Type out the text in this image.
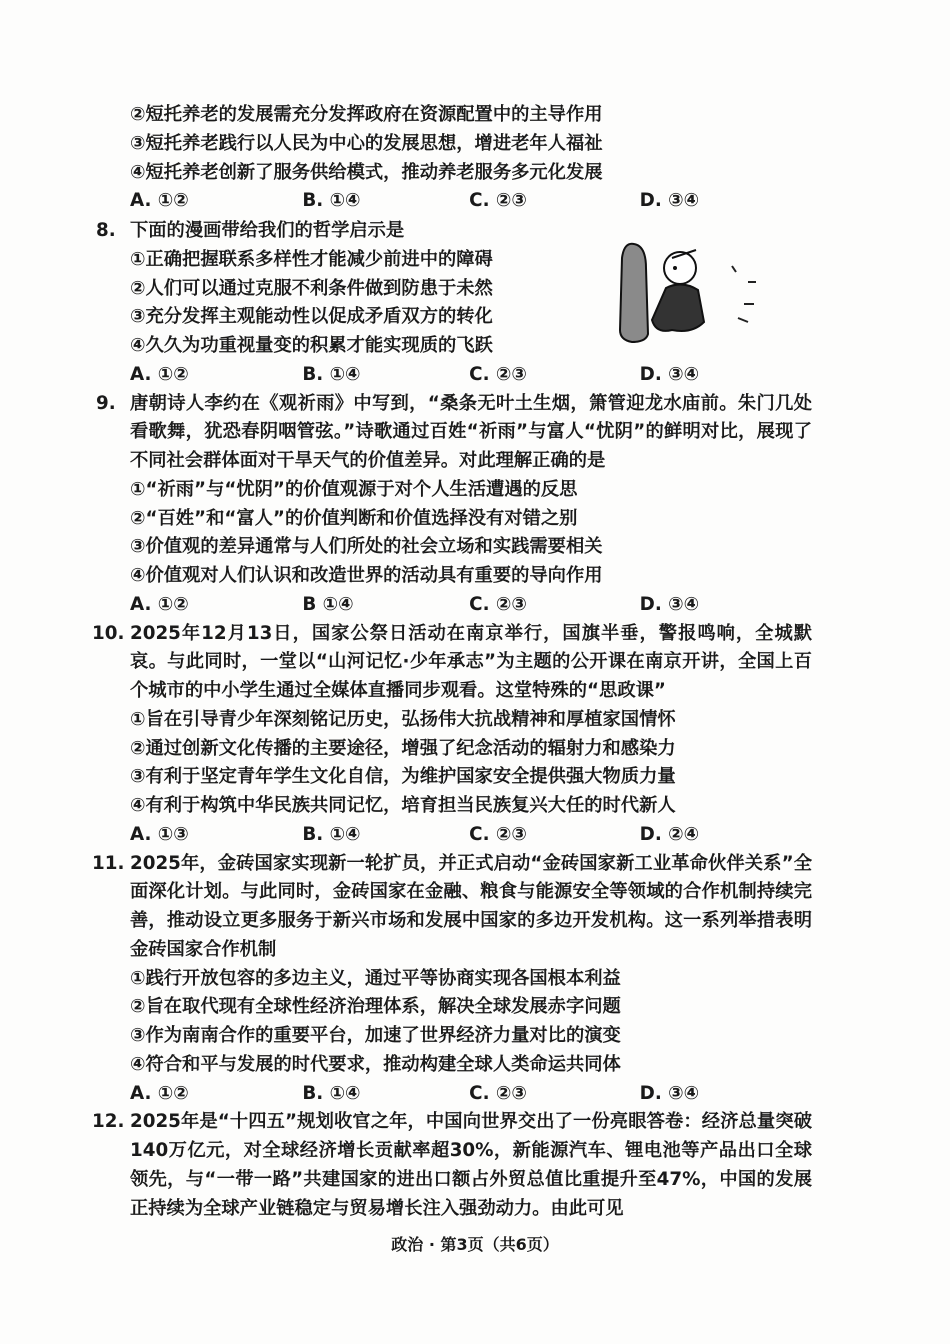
②短托养老的发展需充分发挥政府在资源配置中的主导作用
③短托养老践行以人民为中心的发展思想，增进老年人福祉
④短托养老创新了服务供给模式，推动养老服务多元化发展
A. ①②	B. ①④	C. ②③	D. ③④
8. 下面的漫画带给我们的哲学启示是
①正确把握联系多样性才能减少前进中的障碍
②人们可以通过克服不利条件做到防患于未然
③充分发挥主观能动性以促成矛盾双方的转化
④久久为功重视量变的积累才能实现质的飞跃
A. ①②	B. ①④	C. ②③	D. ③④
9. 唐朝诗人李约在《观祈雨》中写到，“桑条无叶土生烟，箫管迎龙水庙前。朱门几处看歌舞，犹恐春阴咽管弦。”诗歌通过百姓“祈雨”与富人“忧阴”的鲜明对比，展现了不同社会群体面对干旱天气的价值差异。对此理解正确的是
①“祈雨”与“忧阴”的价值观源于对个人生活遭遇的反思
②“百姓”和“富人”的价值判断和价值选择没有对错之别
③价值观的差异通常与人们所处的社会立场和实践需要相关
④价值观对人们认识和改造世界的活动具有重要的导向作用
A. ①②	B ①④	C. ②③	D. ③④
10. 2025年12月13日，国家公祭日活动在南京举行，国旗半垂，警报鸣响，全城默哀。与此同时，一堂以“山河记忆·少年承志”为主题的公开课在南京开讲，全国上百个城市的中小学生通过全媒体直播同步观看。这堂特殊的“思政课”
①旨在引导青少年深刻铭记历史，弘扬伟大抗战精神和厚植家国情怀
②通过创新文化传播的主要途径，增强了纪念活动的辐射力和感染力
③有利于坚定青年学生文化自信，为维护国家安全提供强大物质力量
④有利于构筑中华民族共同记忆，培育担当民族复兴大任的时代新人
A. ①③	B. ①④	C. ②③	D. ②④
11. 2025年，金砖国家实现新一轮扩员，并正式启动“金砖国家新工业革命伙伴关系”全面深化计划。与此同时，金砖国家在金融、粮食与能源安全等领域的合作机制持续完善，推动设立更多服务于新兴市场和发展中国家的多边开发机构。这一系列举措表明金砖国家合作机制
①践行开放包容的多边主义，通过平等协商实现各国根本利益
②旨在取代现有全球性经济治理体系，解决全球发展赤字问题
③作为南南合作的重要平台，加速了世界经济力量对比的演变
④符合和平与发展的时代要求，推动构建全球人类命运共同体
A. ①②	B. ①④	C. ②③	D. ③④
12. 2025年是“十四五”规划收官之年，中国向世界交出了一份亮眼答卷：经济总量突破140万亿元，对全球经济增长贡献率超30%，新能源汽车、锂电池等产品出口全球领先，与“一带一路”共建国家的进出口额占外贸总值比重提升至47%，中国的发展正持续为全球产业链稳定与贸易增长注入强劲动力。由此可见
政治 · 第3页（共6页）
